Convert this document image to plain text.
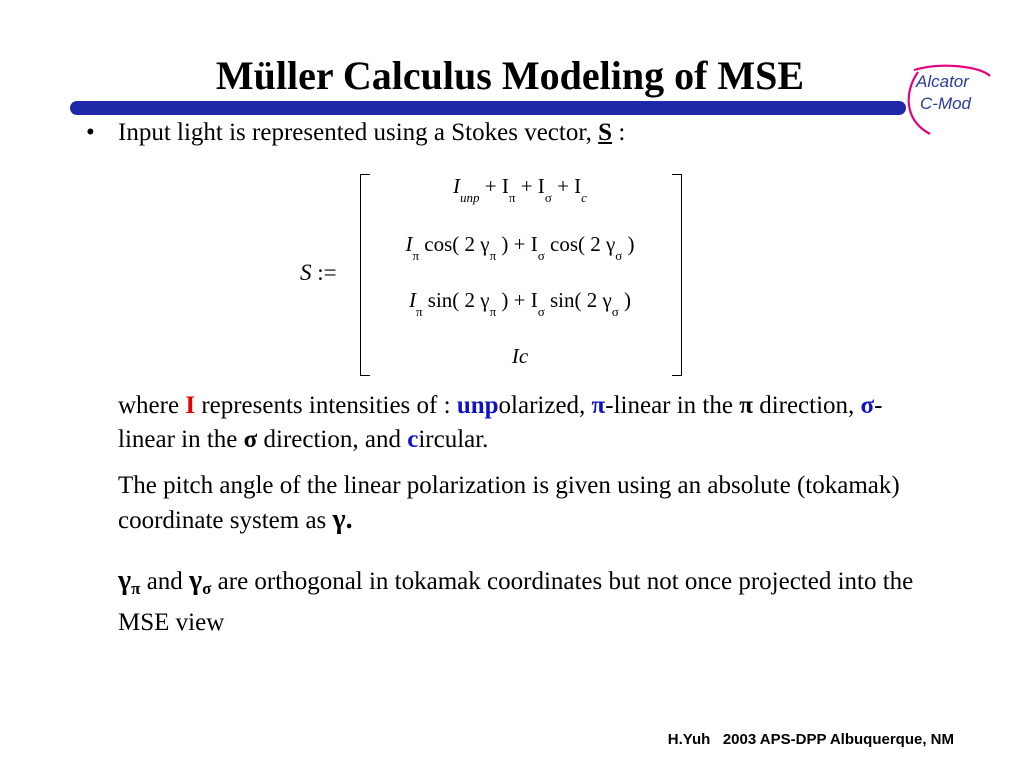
Müller Calculus Modeling of MSE	Alcator
C-Mod
• Input light is represented using a Stokes vector, S :
S :=
$I_{unp} + I_\pi + I_\sigma + I_c$
$I_\pi$ cos( 2 $\gamma_\pi$ ) + $I_\sigma$ cos( 2 $\gamma_\sigma$ )
$I_\pi$ sin( 2 $\gamma_\pi$ ) + $I_\sigma$ sin( 2 $\gamma_\sigma$ )
Ic
where I represents intensities of : unpolarized, π-linear in the π direction, σ-linear in the σ direction, and circular.
The pitch angle of the linear polarization is given using an absolute (tokamak) coordinate system as γ.
$\gamma_\pi$ and $\gamma_\sigma$ are orthogonal in tokamak coordinates but not once projected into the MSE view
H.Yuh 2003 APS-DPP Albuquerque, NM
